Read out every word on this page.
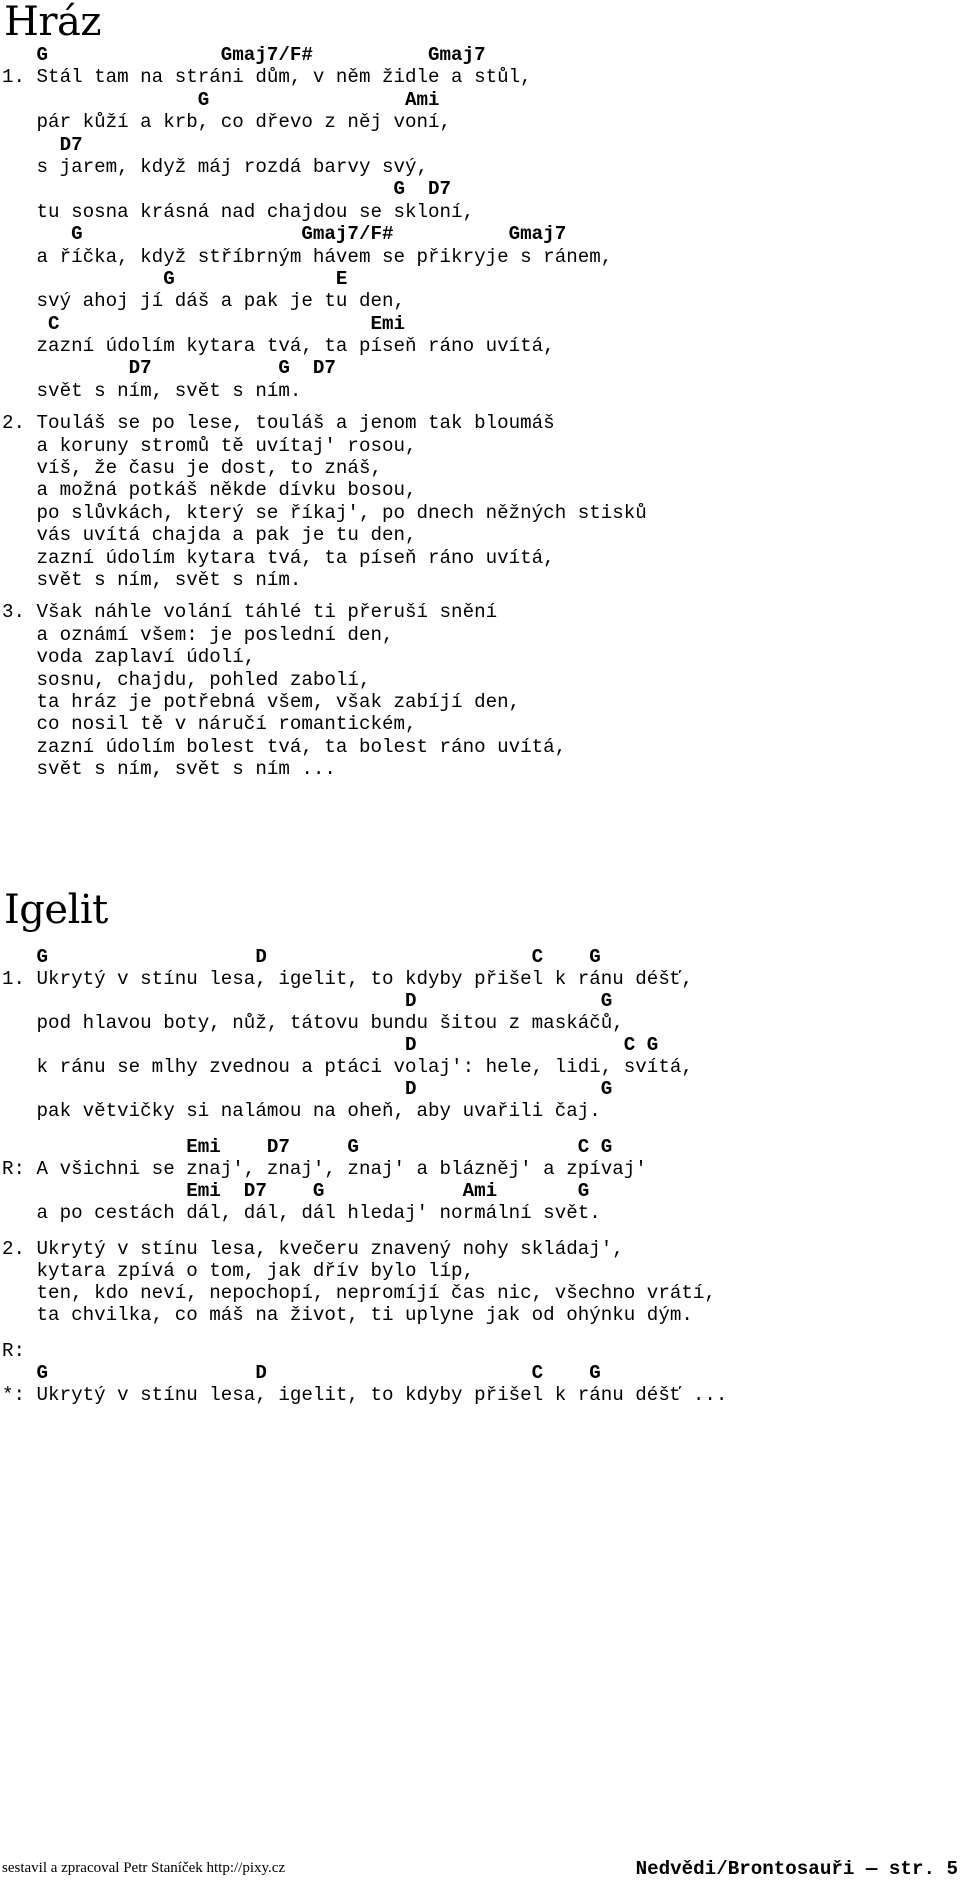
Hráz
G               Gmaj7/F#          Gmaj7
1. Stál tam na stráni dům, v něm židle a stůl,
G                 Ami
pár kůží a krb, co dřevo z něj voní,
D7
s jarem, když máj rozdá barvy svý,
G  D7
tu sosna krásná nad chajdou se skloní,
G                   Gmaj7/F#          Gmaj7
a říčka, když stříbrným hávem se přikryje s ránem,
G              E
svý ahoj jí dáš a pak je tu den,
C                           Emi
zazní údolím kytara tvá, ta píseň ráno uvítá,
D7           G  D7
svět s ním, svět s ním.
2. Touláš se po lese, touláš a jenom tak bloumáš
a koruny stromů tě uvítaj' rosou,
víš, že času je dost, to znáš,
a možná potkáš někde dívku bosou,
po slůvkách, který se říkaj', po dnech něžných stisků
vás uvítá chajda a pak je tu den,
zazní údolím kytara tvá, ta píseň ráno uvítá,
svět s ním, svět s ním.
3. Však náhle volání táhlé ti přeruší snění
a oznámí všem: je poslední den,
voda zaplaví údolí,
sosnu, chajdu, pohled zabolí,
ta hráz je potřebná všem, však zabíjí den,
co nosil tě v náručí romantickém,
zazní údolím bolest tvá, ta bolest ráno uvítá,
svět s ním, svět s ním ...
Igelit
G                  D                       C    G
1. Ukrytý v stínu lesa, igelit, to kdyby přišel k ránu déšť,
D                G
pod hlavou boty, nůž, tátovu bundu šitou z maskáčů,
D                  C G
k ránu se mlhy zvednou a ptáci volaj': hele, lidi, svítá,
D                G
pak větvičky si nalámou na oheň, aby uvařili čaj.
Emi    D7     G                   C G
R: A všichni se znaj', znaj', znaj' a blázněj' a zpívaj'
Emi  D7    G            Ami       G
a po cestách dál, dál, dál hledaj' normální svět.
2. Ukrytý v stínu lesa, kvečeru znavený nohy skládaj',
kytara zpívá o tom, jak dřív bylo líp,
ten, kdo neví, nepochopí, nepromíjí čas nic, všechno vrátí,
ta chvilka, co máš na život, ti uplyne jak od ohýnku dým.
R:
G                  D                       C    G
*: Ukrytý v stínu lesa, igelit, to kdyby přišel k ránu déšť ...
sestavil a zpracoval Petr Staníček http://pixy.cz	Nedvědi/Brontosauři — str. 5
